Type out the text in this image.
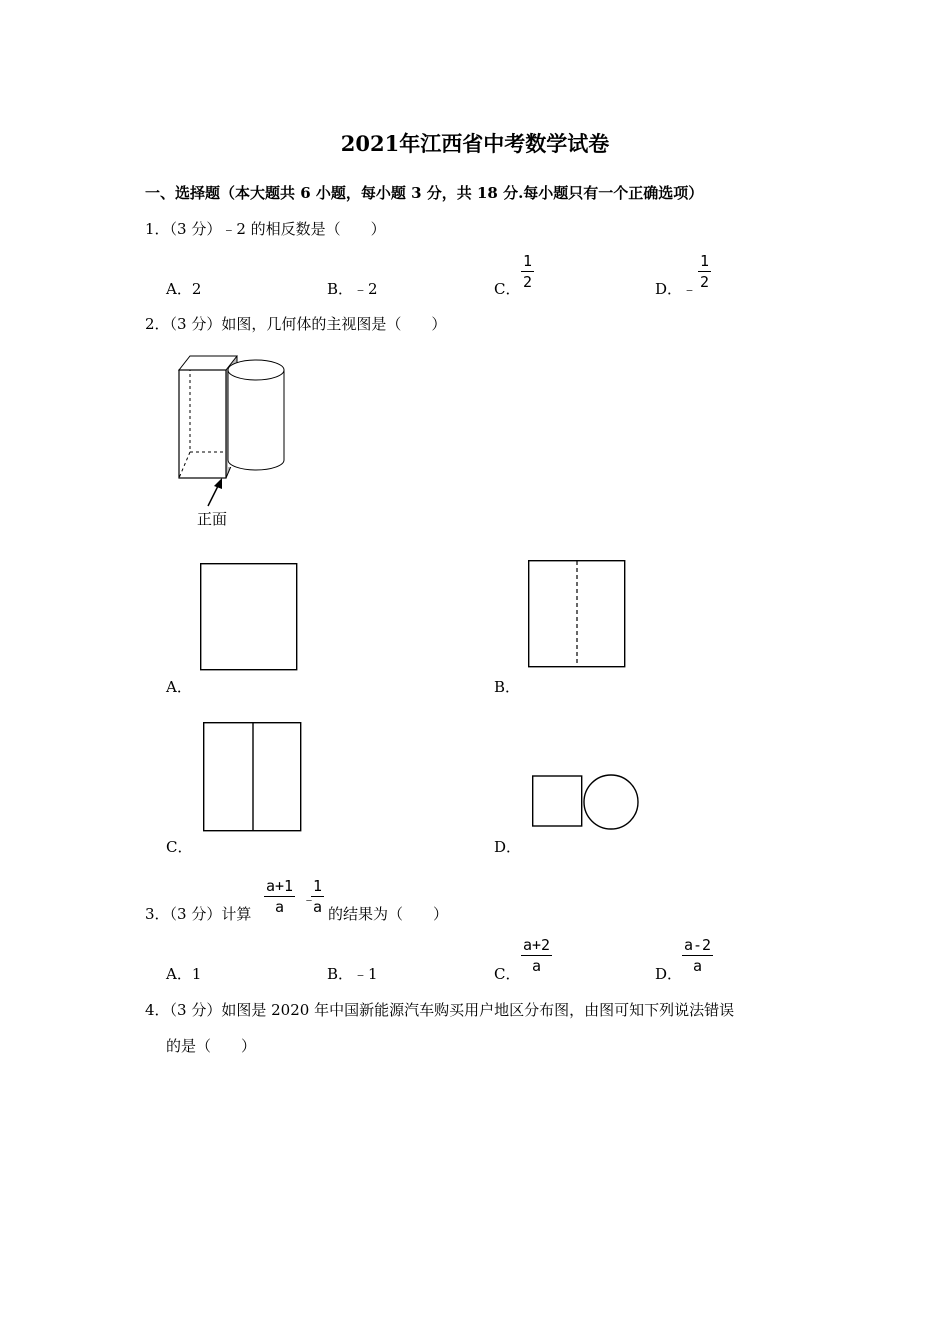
2021年江西省中考数学试卷
一、选择题（本大题共 6 小题，每小题 3 分，共 18 分.每小题只有一个正确选项）
1．（3 分）﹣2 的相反数是（　　）
A．2	B．﹣2	C． $\frac{1}{2}$	D．﹣ $\frac{1}{2}$
2．（3 分）如图，几何体的主视图是（　　）
正面
A．	B．
C．	D．
3．（3 分）计算 $\frac{a+1}{a}$ ﹣
$\frac{1}{a}$ 的结果为（　　）
A．1	B．﹣1	C． $\frac{a+2}{a}$	D． $\frac{a-2}{a}$
4．（3 分）如图是 2020 年中国新能源汽车购买用户地区分布图，由图可知下列说法错误
的是（　　）
